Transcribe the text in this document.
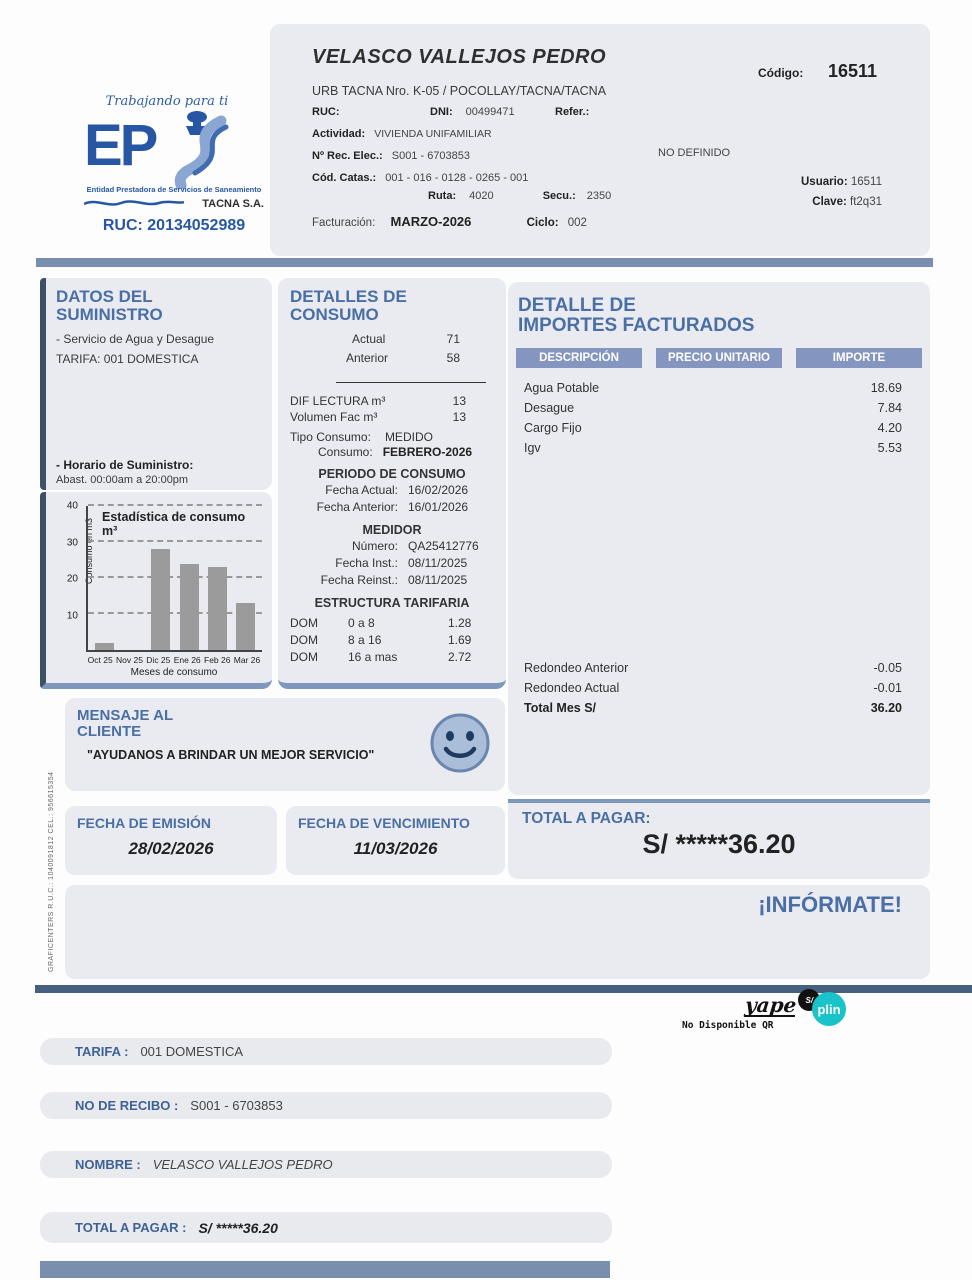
Trabajando para ti
EP
Entidad Prestadora de Servicios de Saneamiento
TACNA S.A.
RUC: 20134052989
VELASCO VALLEJOS PEDRO
Código: 16511
URB TACNA Nro. K-05 / POCOLLAY/TACNA/TACNA
RUC:	DNI: 00499471	Refer.:
Actividad: VIVIENDA UNIFAMILIAR
Nº Rec. Elec.: S001 - 6703853	NO DEFINIDO
Cód. Catas.: 001 - 016 - 0128 - 0265 - 001
Ruta: 4020	Secu.: 2350
Usuario: 16511
Clave: ft2q31
Facturación: MARZO-2026	Ciclo: 002
DATOS DEL
SUMINISTRO
- Servicio de Agua y Desague
TARIFA: 001 DOMESTICA
- Horario de Suministro:
Abast. 00:00am a 20:00pm
Consumo en m3
10
20
30
40
Estadística de consumo m³
Oct 25 Nov 25 Dic 25 Ene 26 Feb 26 Mar 26
Meses de consumo
DETALLES DE
CONSUMO
Actual	71
Anterior	58
DIF LECTURA m³	13
Volumen Fac m³	13
Tipo Consumo: MEDIDO
Consumo: FEBRERO-2026
PERIODO DE CONSUMO
Fecha Actual: 16/02/2026
Fecha Anterior: 16/01/2026
MEDIDOR
Número: QA25412776
Fecha Inst.: 08/11/2025
Fecha Reinst.: 08/11/2025
ESTRUCTURA TARIFARIA
DOM	0 a 8	1.28
DOM	8 a 16	1.69
DOM	16 a mas	2.72
DETALLE DE
IMPORTES FACTURADOS
DESCRIPCIÓN	PRECIO UNITARIO	IMPORTE
Agua Potable	18.69
Desague	7.84
Cargo Fijo	4.20
Igv	5.53
Redondeo Anterior	-0.05
Redondeo Actual	-0.01
Total Mes S/	36.20
MENSAJE AL
CLIENTE
"AYUDANOS A BRINDAR UN MEJOR SERVICIO"
TOTAL A PAGAR:
S/ *****36.20
FECHA DE EMISIÓN
28/02/2026
FECHA DE VENCIMIENTO
11/03/2026
¡INFÓRMATE!
GRAFICENTERS R.U.C.: 1040091812 CEL.: 956615354
yape S/
plin
No Disponible QR
TARIFA : 001 DOMESTICA
NO DE RECIBO : S001 - 6703853
NOMBRE : VELASCO VALLEJOS PEDRO
TOTAL A PAGAR : S/ *****36.20
